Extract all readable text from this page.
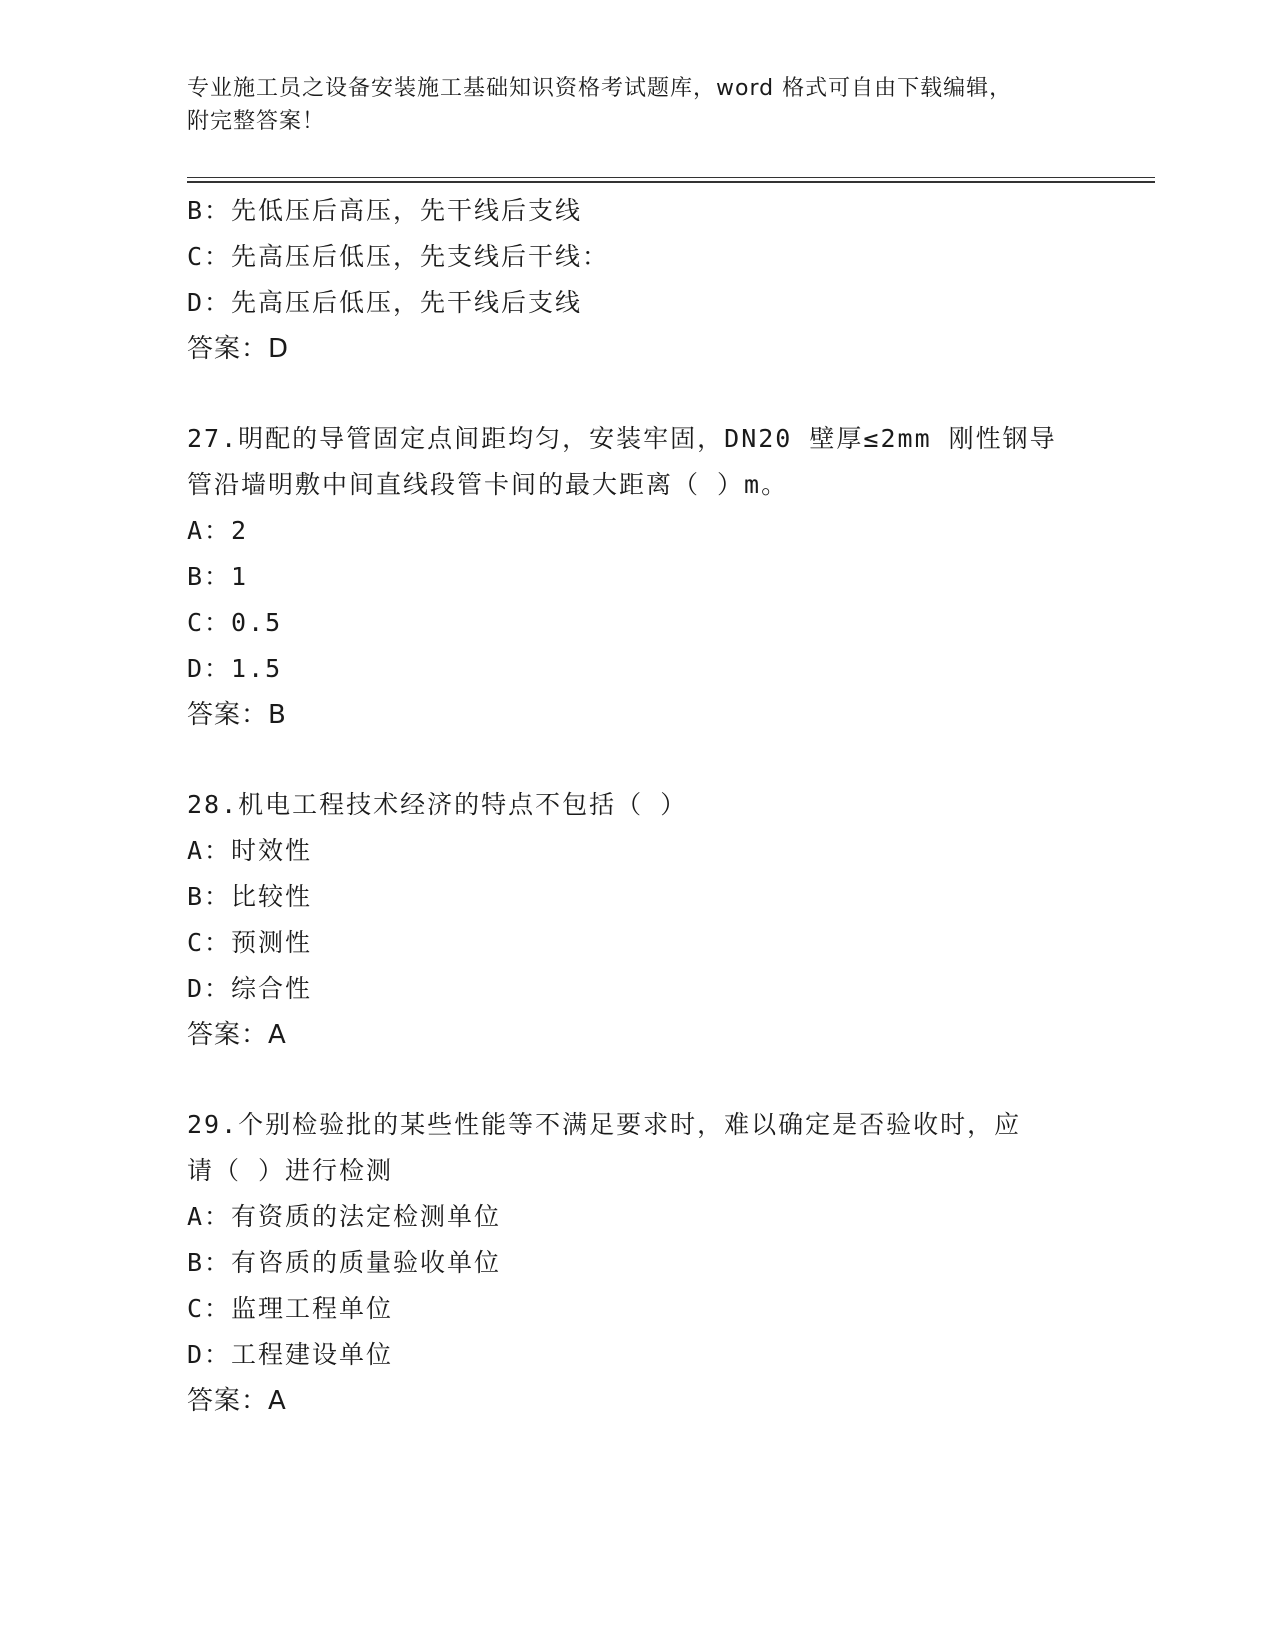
专业施工员之设备安装施工基础知识资格考试题库，word 格式可自由下载编辑，
附完整答案！
B：先低压后高压，先干线后支线
C：先高压后低压，先支线后干线：
D：先高压后低压，先干线后支线
答案：D
27.明配的导管固定点间距均匀，安装牢固，DN20 壁厚≤2mm 刚性钢导
管沿墙明敷中间直线段管卡间的最大距离（ ）m。
A：2
B：1
C：0.5
D：1.5
答案：B
28.机电工程技术经济的特点不包括（ ）
A：时效性
B：比较性
C：预测性
D：综合性
答案：A
29.个别检验批的某些性能等不满足要求时，难以确定是否验收时，应
请（ ）进行检测
A：有资质的法定检测单位
B：有咨质的质量验收单位
C：监理工程单位
D：工程建设单位
答案：A
